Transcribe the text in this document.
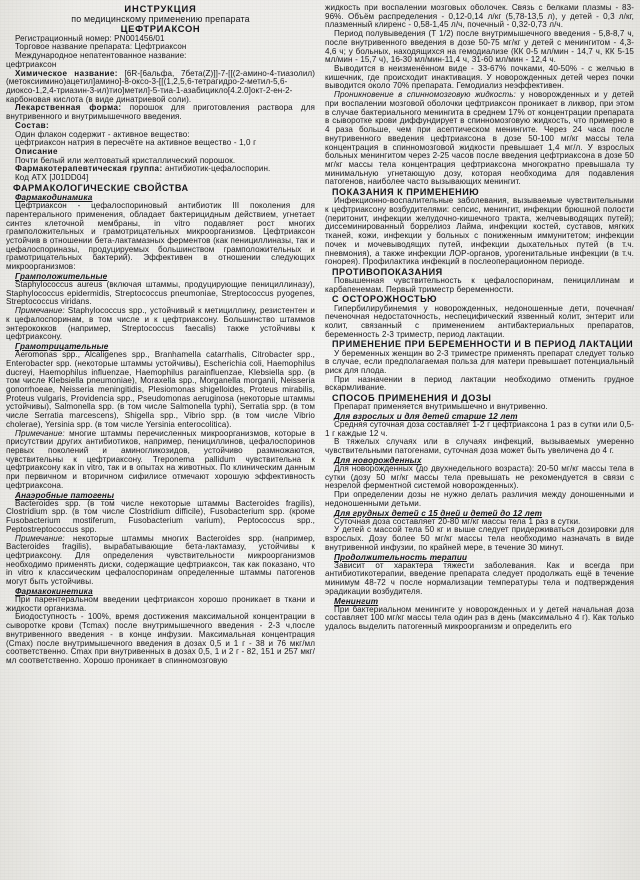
ИНСТРУКЦИЯ
по медицинскому применению препарата
ЦЕФТРИАКСОН
Регистрационный номер: PN001456/01
Торговое название препарата: Цефтриаксон
Международное непатентованное название:
цефтриаксон
Химическое название: [6R-[6альфа, 7бета(Z)]]-7-[[(2-амино-4-тиазолил)(метоксиимино)ацетил]амино]-8-оксо-3-[[(1,2,5,6-тетрагидро-2-метил-5,6-диоксо-1,2,4-триазин-3-ил)тио]метил]-5-тиа-1-азабицикло[4.2.0]окт-2-ен-2-карбоновая кислота (в виде динатриевой соли).
Лекарственная форма: порошок для приготовления раствора для внутривенного и внутримышечного введения.
Состав:
Один флакон содержит - активное вещество:
цефтриаксон натрия в пересчёте на активное вещество - 1,0 г
Описание
Почти белый или желтоватый кристаллический порошок.
Фармакотерапевтическая группа: антибиотик-цефалоспорин.
Код АТХ [J01DD04]
ФАРМАКОЛОГИЧЕСКИЕ СВОЙСТВА
Фармакодинамика
Цефтриаксон - цефалоспориновый антибиотик III поколения для парентерального применения, обладает бактерицидным действием, угнетает синтез клеточной мембраны, in vitro подавляет рост многих грамположительных и грамотрицательных микроорганизмов. Цефтриаксон устойчив в отношении бета-лактамазных ферментов (как пенициллиназы, так и цефалоспориназы, продуцируемых большинством грамположительных и грамотрицательных бактерий). Эффективен в отношении следующих микроорганизмов:
Грамположительные
Staphylococcus aureus (включая штаммы, продуцирующие пенициллиназу), Staphylococcus epidermidis, Streptococcus pneumoniae, Streptococcus pyogenes, Streptococcus viridans.
Примечание: Staphylococcus spp., устойчивый к метициллину, резистентен и к цефалоспоринам, в том числе и к цефтриаксону. Большинство штаммов энтерококков (например, Streptococcus faecalis) также устойчивы к цефтриаксону.
Грамотрицательные
Aeromonas spp., Alcaligenes spp., Branhamella catarrhalis, Citrobacter spp., Enterobacter spp. (некоторые штаммы устойчивы), Escherichia coli, Haemophilus ducreyi, Haemophilus influenzae, Haemophilus parainfluenzae, Klebsiella spp. (в том числе Klebsiella pneumoniae), Moraxella spp., Morganella morganii, Neisseria gonorrhoeae, Neisseria meningitidis, Plesiomonas shigelloides, Proteus mirabilis, Proteus vulgaris, Providencia spp., Pseudomonas aeruginosa (некоторые штаммы устойчивы), Salmonella spp. (в том числе Salmonella typhi), Serratia spp. (в том числе Serratia marcescens), Shigella spp., Vibrio spp. (в том числе Vibrio cholerae), Yersinia spp. (в том числе Yersinia enterocolitica).
Примечание: многие штаммы перечисленных микроорганизмов, которые в присутствии других антибиотиков, например, пенициллинов, цефалоспоринов первых поколений и аминогликозидов, устойчиво размножаются, чувствительны к цефтриаксону. Treponema pallidum чувствительна к цефтриаксону как in vitro, так и в опытах на животных. По клиническим данным при первичном и вторичном сифилисе отмечают хорошую эффективность цефтриаксона.
Анаэробные патогены
Bacteroides spp. (в том числе некоторые штаммы Bacteroides fragilis), Clostridium spp. (в том числе Clostridium difficile), Fusobacterium spp. (кроме Fusobacterium mostiferum, Fusobacterium varium), Peptococcus spp., Peptostreptococcus spp.
Примечание: некоторые штаммы многих Bacteroides spp. (например, Bacteroides fragilis), вырабатывающие бета-лактамазу, устойчивы к цефтриаксону. Для определения чувствительности микроорганизмов необходимо применять диски, содержащие цефтриаксон, так как показано, что in vitro к классическим цефалоспоринам определенные штаммы патогенов могут быть устойчивы.
Фармакокинетика
При парентеральном введении цефтриаксон хорошо проникает в ткани и жидкости организма.
Биодоступность - 100%, время достижения максимальной концентрации в сыворотке крови (Тсmax) после внутримышечного введения - 2-3 ч,после внутривенного введения - в конце инфузии. Максимальная концентрация (Сmax) после внутримышечного введения в дозах 0,5 и 1 г - 38 и 76 мкг/мл соответственно. Сmax при внутривенных в дозах 0,5, 1 и 2 г - 82, 151 и 257 мкг/мл соответственно. Хорошо проникает в спинномозговую
жидкость при воспалении мозговых оболочек. Связь с белками плазмы - 83-96%. Объём распределения - 0,12-0,14 л/кг (5,78-13,5 л), у детей - 0,3 л/кг, плазменный клиренс - 0,58-1,45 л/ч, почечный - 0,32-0,73 л/ч.
Период полувыведения (Т 1/2) после внутримышечного введения - 5,8-8,7 ч, после внутривенного введения в дозе 50-75 мг/кг у детей с менингитом - 4,3-4,6 ч; у больных, находящихся на гемодиализе (КК 0-5 мл/мин - 14,7 ч, КК 5-15 мл/мин - 15,7 ч), 16-30 мл/мин-11,4 ч, 31-60 мл/мин - 12,4 ч.
Выводится в неизменённом виде - 33-67% почками, 40-50% - с желчью в кишечник, где происходит инактивация. У новорожденных детей через почки выводится около 70% препарата. Гемодиализ неэффективен.
Проникновение в спинномозговую жидкость: у новорожденных и у детей при воспалении мозговой оболочки цефтриаксон проникает в ликвор, при этом в случае бактериального менингита в среднем 17% от концентрации препарата в сыворотке крови диффундирует в спинномозговую жидкость, что примерно в 4 раза больше, чем при асептическом менингите. Через 24 часа после внутривенного введения цефтриаксона в дозе 50-100 мг/кг массы тела концентрация в спинномозговой жидкости превышает 1,4 мг/л. У взрослых больных менингитом через 2-25 часов после введения цефтриаксона в дозе 50 мг/кг массы тела концентрация цефтриаксона многократно превышала ту минимальную угнетающую дозу, которая необходима для подавления патогенов, наиболее часто вызывающих менингит.
ПОКАЗАНИЯ К ПРИМЕНЕНИЮ
Инфекционно-воспалительные заболевания, вызываемые чувствительными к цефтриаксону возбудителями: сепсис, менингит, инфекции брюшной полости (перитонит, инфекции желудочно-кишечного тракта, желчевыводящих путей); диссеминированный боррелиоз Лайма, инфекции костей, суставов, мягких тканей, кожи, инфекции у больных с пониженным иммунитетом; инфекции почек и мочевыводящих путей, инфекции дыхательных путей (в т.ч. пневмония), а также инфекции ЛОР-органов, урогенитальные инфекции (в т.ч. гонорея). Профилактика инфекций в послеоперационном периоде.
ПРОТИВОПОКАЗАНИЯ
Повышенная чувствительность к цефалоспоринам, пенициллинам и карбапенемам. Первый триместр беременности.
С ОСТОРОЖНОСТЬЮ
Гипербилирубинемия у новорожденных, недоношенные дети, почечная/печеночная недостаточность, неспецифический язвенный колит, энтерит или колит, связанный с применением антибактериальных препаратов, беременность 2-3 триместр, период лактации.
ПРИМЕНЕНИЕ ПРИ БЕРЕМЕННОСТИ И В ПЕРИОД ЛАКТАЦИИ
У беременных женщин во 2-3 триместре применять препарат следует только в случае, если предполагаемая польза для матери превышает потенциальный риск для плода.
При назначении в период лактации необходимо отменить грудное вскармливание.
СПОСОБ ПРИМЕНЕНИЯ И ДОЗЫ
Препарат применяется внутримышечно и внутривенно.
Для взрослых и для детей старше 12 лет
Средняя суточная доза составляет 1-2 г цефтриаксона 1 раз в сутки или 0,5-1 г каждые 12 ч.
В тяжелых случаях или в случаях инфекций, вызываемых умеренно чувствительными патогенами, суточная доза может быть увеличена до 4 г.
Для новорожденных
Для новорожденных (до двухнедельного возраста): 20-50 мг/кг массы тела в сутки (дозу 50 мг/кг массы тела превышать не рекомендуется в связи с незрелой ферментной системой новорожденных).
При определении дозы не нужно делать различия между доношенными и недоношенными детьми.
Для грудных детей с 15 дней и детей до 12 лет
Суточная доза составляет 20-80 мг/кг массы тела 1 раз в сутки.
У детей с массой тела 50 кг и выше следует придерживаться дозировки для взрослых. Дозу более 50 мг/кг массы тела необходимо назначать в виде внутривенной инфузии, по крайней мере, в течение 30 минут.
Продолжительность терапии
Зависит от характера тяжести заболевания. Как и всегда при антибиотикотерапии, введение препарата следует продолжать ещё в течение минимум 48-72 ч после нормализации температуры тела и подтверждения эрадикации возбудителя.
Менингит
При бактериальном менингите у новорожденных и у детей начальная доза составляет 100 мг/кг массы тела один раз в день (максимально 4 г). Как только удалось выделить патогенный микроорганизм и определить его
